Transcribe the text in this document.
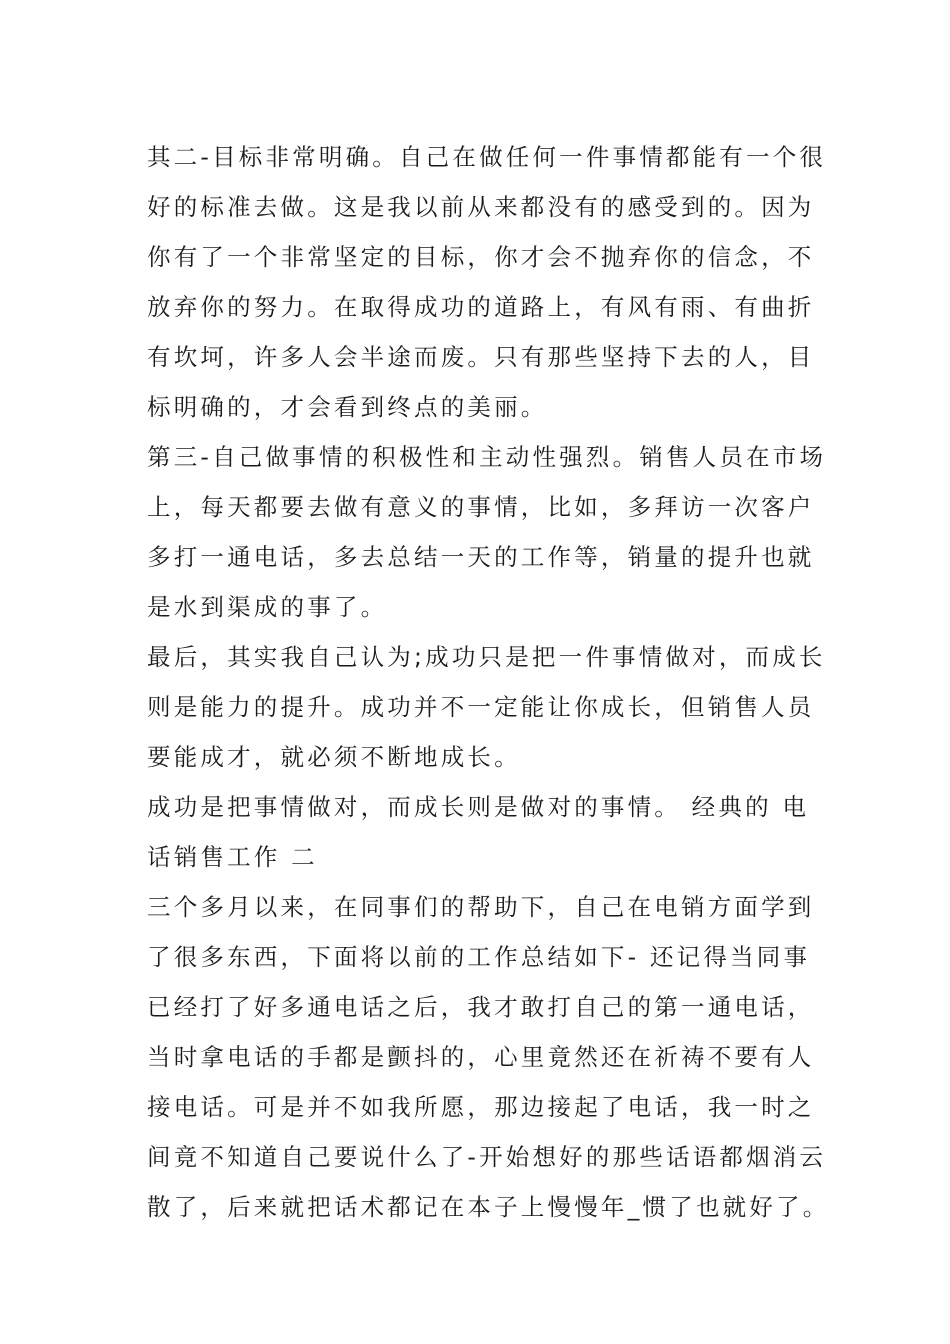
其二-目标非常明确。自己在做任何一件事情都能有一个很
好的标准去做。这是我以前从来都没有的感受到的。因为
你有了一个非常坚定的目标，你才会不抛弃你的信念，不
放弃你的努力。在取得成功的道路上，有风有雨、有曲折
有坎坷，许多人会半途而废。只有那些坚持下去的人，目
标明确的，才会看到终点的美丽。
第三-自己做事情的积极性和主动性强烈。销售人员在市场
上，每天都要去做有意义的事情，比如，多拜访一次客户
多打一通电话，多去总结一天的工作等，销量的提升也就
是水到渠成的事了。
最后，其实我自己认为;成功只是把一件事情做对，而成长
则是能力的提升。成功并不一定能让你成长，但销售人员
要能成才，就必须不断地成长。
成功是把事情做对，而成长则是做对的事情。 经典的 电
话销售工作 二
三个多月以来，在同事们的帮助下，自己在电销方面学到
了很多东西，下面将以前的工作总结如下- 还记得当同事
已经打了好多通电话之后，我才敢打自己的第一通电话，
当时拿电话的手都是颤抖的，心里竟然还在祈祷不要有人
接电话。可是并不如我所愿，那边接起了电话，我一时之
间竟不知道自己要说什么了-开始想好的那些话语都烟消云
散了，后来就把话术都记在本子上慢慢年_惯了也就好了。
